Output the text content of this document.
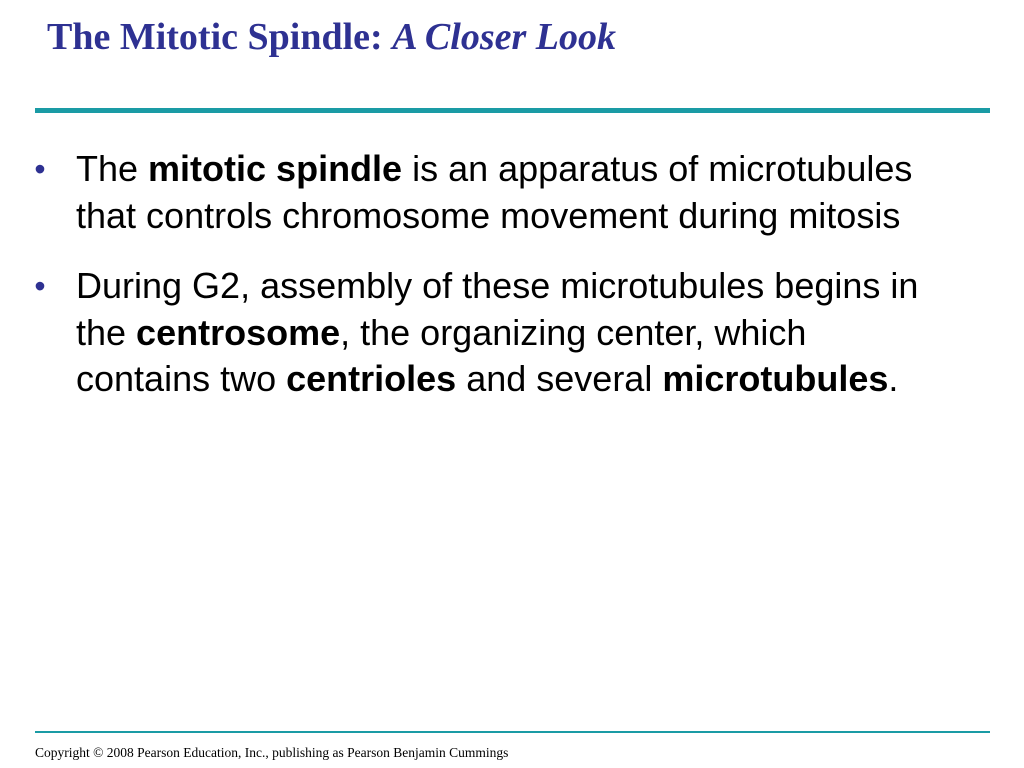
The Mitotic Spindle: A Closer Look
• The mitotic spindle is an apparatus of microtubules that controls chromosome movement during mitosis
• During G2, assembly of these microtubules begins in the centrosome, the organizing center, which contains two centrioles and several microtubules.
Copyright © 2008 Pearson Education, Inc., publishing as Pearson Benjamin Cummings
